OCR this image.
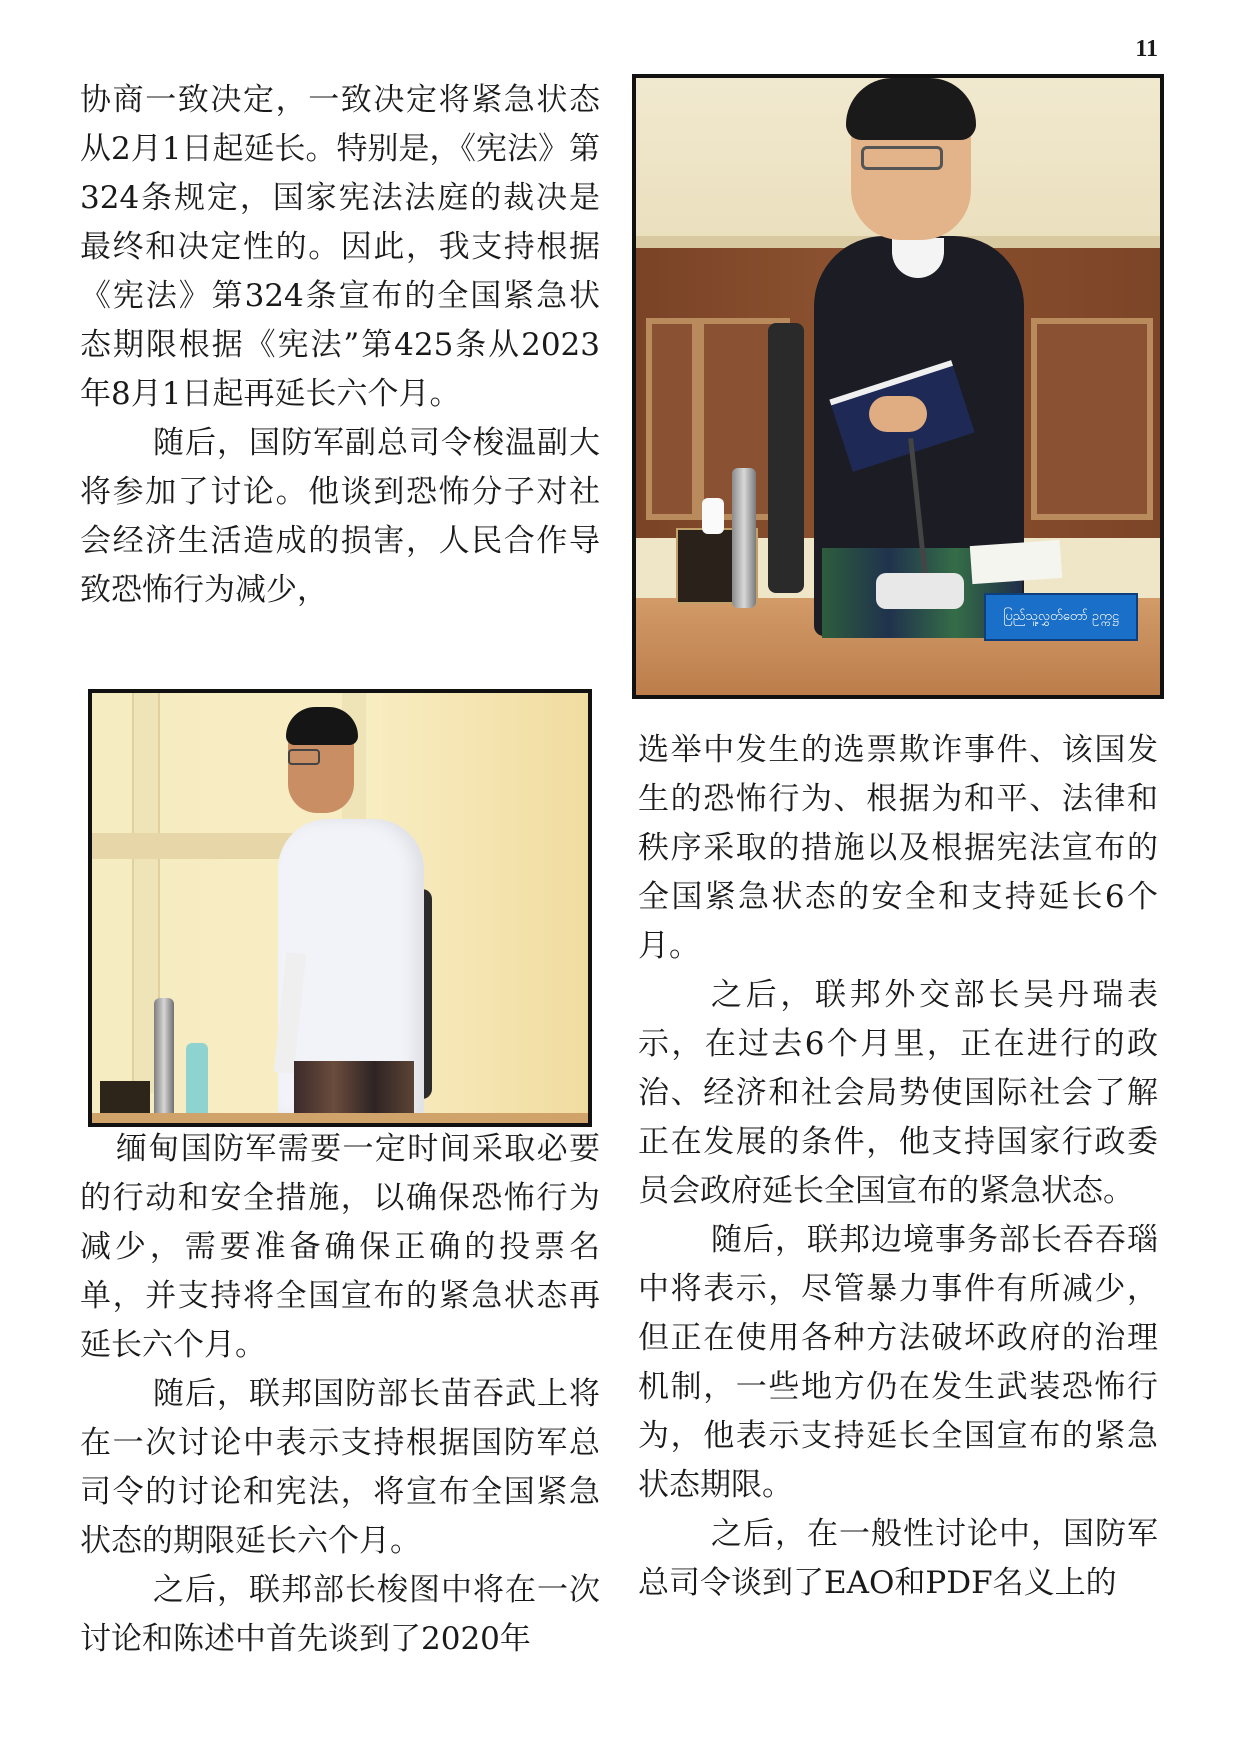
11

协商一致决定，一致决定将紧急状态从2月1日起延长。特别是，《宪法》第324条规定，国家宪法法庭的裁决是最终和决定性的。因此，我支持根据《宪法》第324条宣布的全国紧急状态期限根据《宪法”第425条从2023年8月1日起再延长六个月。

随后，国防军副总司令梭温副大将参加了讨论。他谈到恐怖分子对社会经济生活造成的损害，人民合作导致恐怖行为减少，

ပြည်သူ့လွှတ်တော် ဥက္ကဋ္ဌ

缅甸国防军需要一定时间采取必要的行动和安全措施，以确保恐怖行为减少，需要准备确保正确的投票名单，并支持将全国宣布的紧急状态再延长六个月。

随后，联邦国防部长苗吞武上将在一次讨论中表示支持根据国防军总司令的讨论和宪法，将宣布全国紧急状态的期限延长六个月。

之后，联邦部长梭图中将在一次讨论和陈述中首先谈到了2020年

选举中发生的选票欺诈事件、该国发生的恐怖行为、根据为和平、法律和秩序采取的措施以及根据宪法宣布的全国紧急状态的安全和支持延长6个月。

之后，联邦外交部长吴丹瑞表示，在过去6个月里，正在进行的政治、经济和社会局势使国际社会了解正在发展的条件，他支持国家行政委员会政府延长全国宣布的紧急状态。

随后，联邦边境事务部长吞吞瑙中将表示，尽管暴力事件有所减少，但正在使用各种方法破坏政府的治理机制，一些地方仍在发生武装恐怖行为，他表示支持延长全国宣布的紧急状态期限。

之后，在一般性讨论中，国防军总司令谈到了EAO和PDF名义上的
